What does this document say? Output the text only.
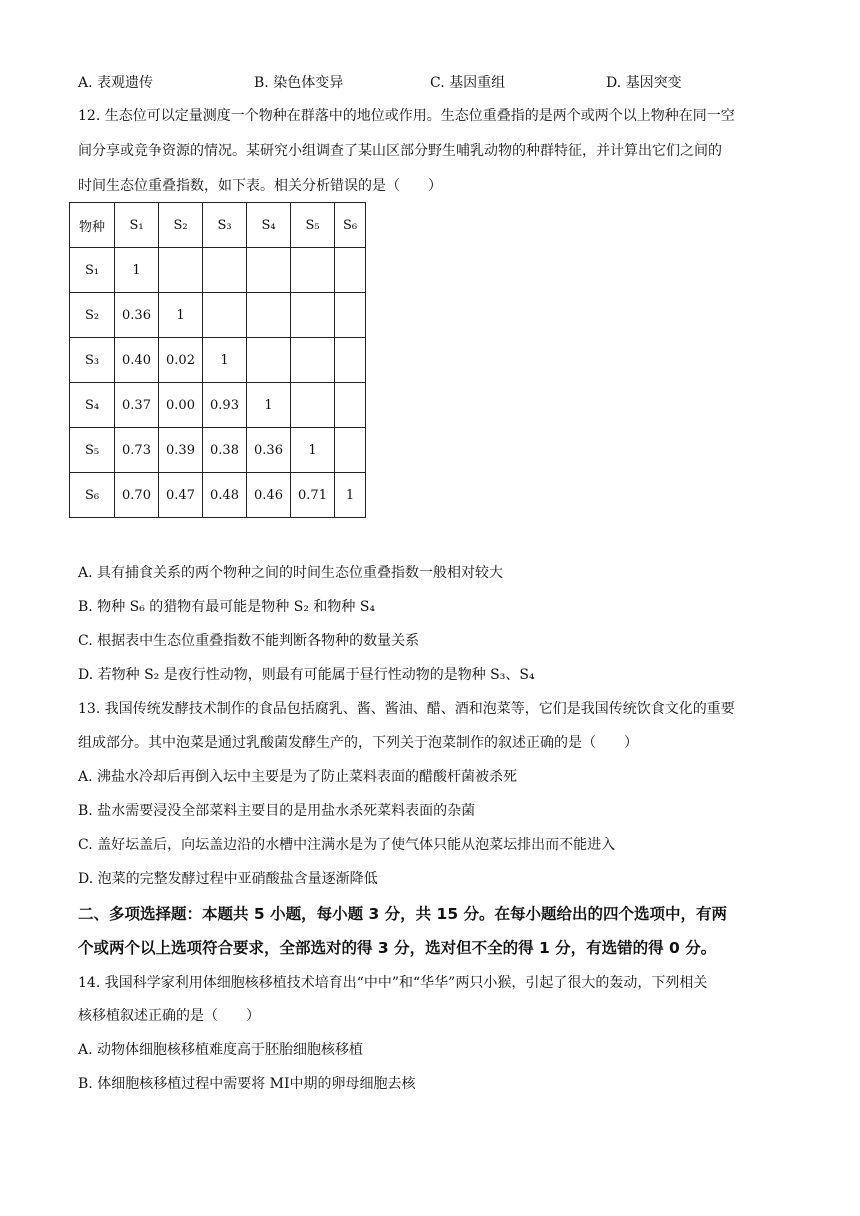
A. 表观遗传	B. 染色体变异	C. 基因重组	D. 基因突变
12. 生态位可以定量测度一个物种在群落中的地位或作用。生态位重叠指的是两个或两个以上物种在同一空
间分享或竞争资源的情况。某研究小组调查了某山区部分野生哺乳动物的种群特征，并计算出它们之间的
时间生态位重叠指数，如下表。相关分析错误的是（　　）
物种	S₁	S₂	S₃	S₄	S₅	S₆
S₁	1					
S₂	0.36	1				
S₃	0.40	0.02	1			
S₄	0.37	0.00	0.93	1		
S₅	0.73	0.39	0.38	0.36	1	
S₆	0.70	0.47	0.48	0.46	0.71	1
A. 具有捕食关系的两个物种之间的时间生态位重叠指数一般相对较大
B. 物种 S₆ 的猎物有最可能是物种 S₂ 和物种 S₄
C. 根据表中生态位重叠指数不能判断各物种的数量关系
D. 若物种 S₂ 是夜行性动物，则最有可能属于昼行性动物的是物种 S₃、S₄
13. 我国传统发酵技术制作的食品包括腐乳、酱、酱油、醋、酒和泡菜等，它们是我国传统饮食文化的重要
组成部分。其中泡菜是通过乳酸菌发酵生产的，下列关于泡菜制作的叙述正确的是（　　）
A. 沸盐水冷却后再倒入坛中主要是为了防止菜料表面的醋酸杆菌被杀死
B. 盐水需要浸没全部菜料主要目的是用盐水杀死菜料表面的杂菌
C. 盖好坛盖后，向坛盖边沿的水槽中注满水是为了使气体只能从泡菜坛排出而不能进入
D. 泡菜的完整发酵过程中亚硝酸盐含量逐渐降低
二、多项选择题：本题共 5 小题，每小题 3 分，共 15 分。在每小题给出的四个选项中，有两
个或两个以上选项符合要求，全部选对的得 3 分，选对但不全的得 1 分，有选错的得 0 分。
14. 我国科学家利用体细胞核移植技术培育出“中中”和“华华”两只小猴，引起了很大的轰动，下列相关
核移植叙述正确的是（　　）
A. 动物体细胞核移植难度高于胚胎细胞核移植
B. 体细胞核移植过程中需要将 MⅠ中期的卵母细胞去核
